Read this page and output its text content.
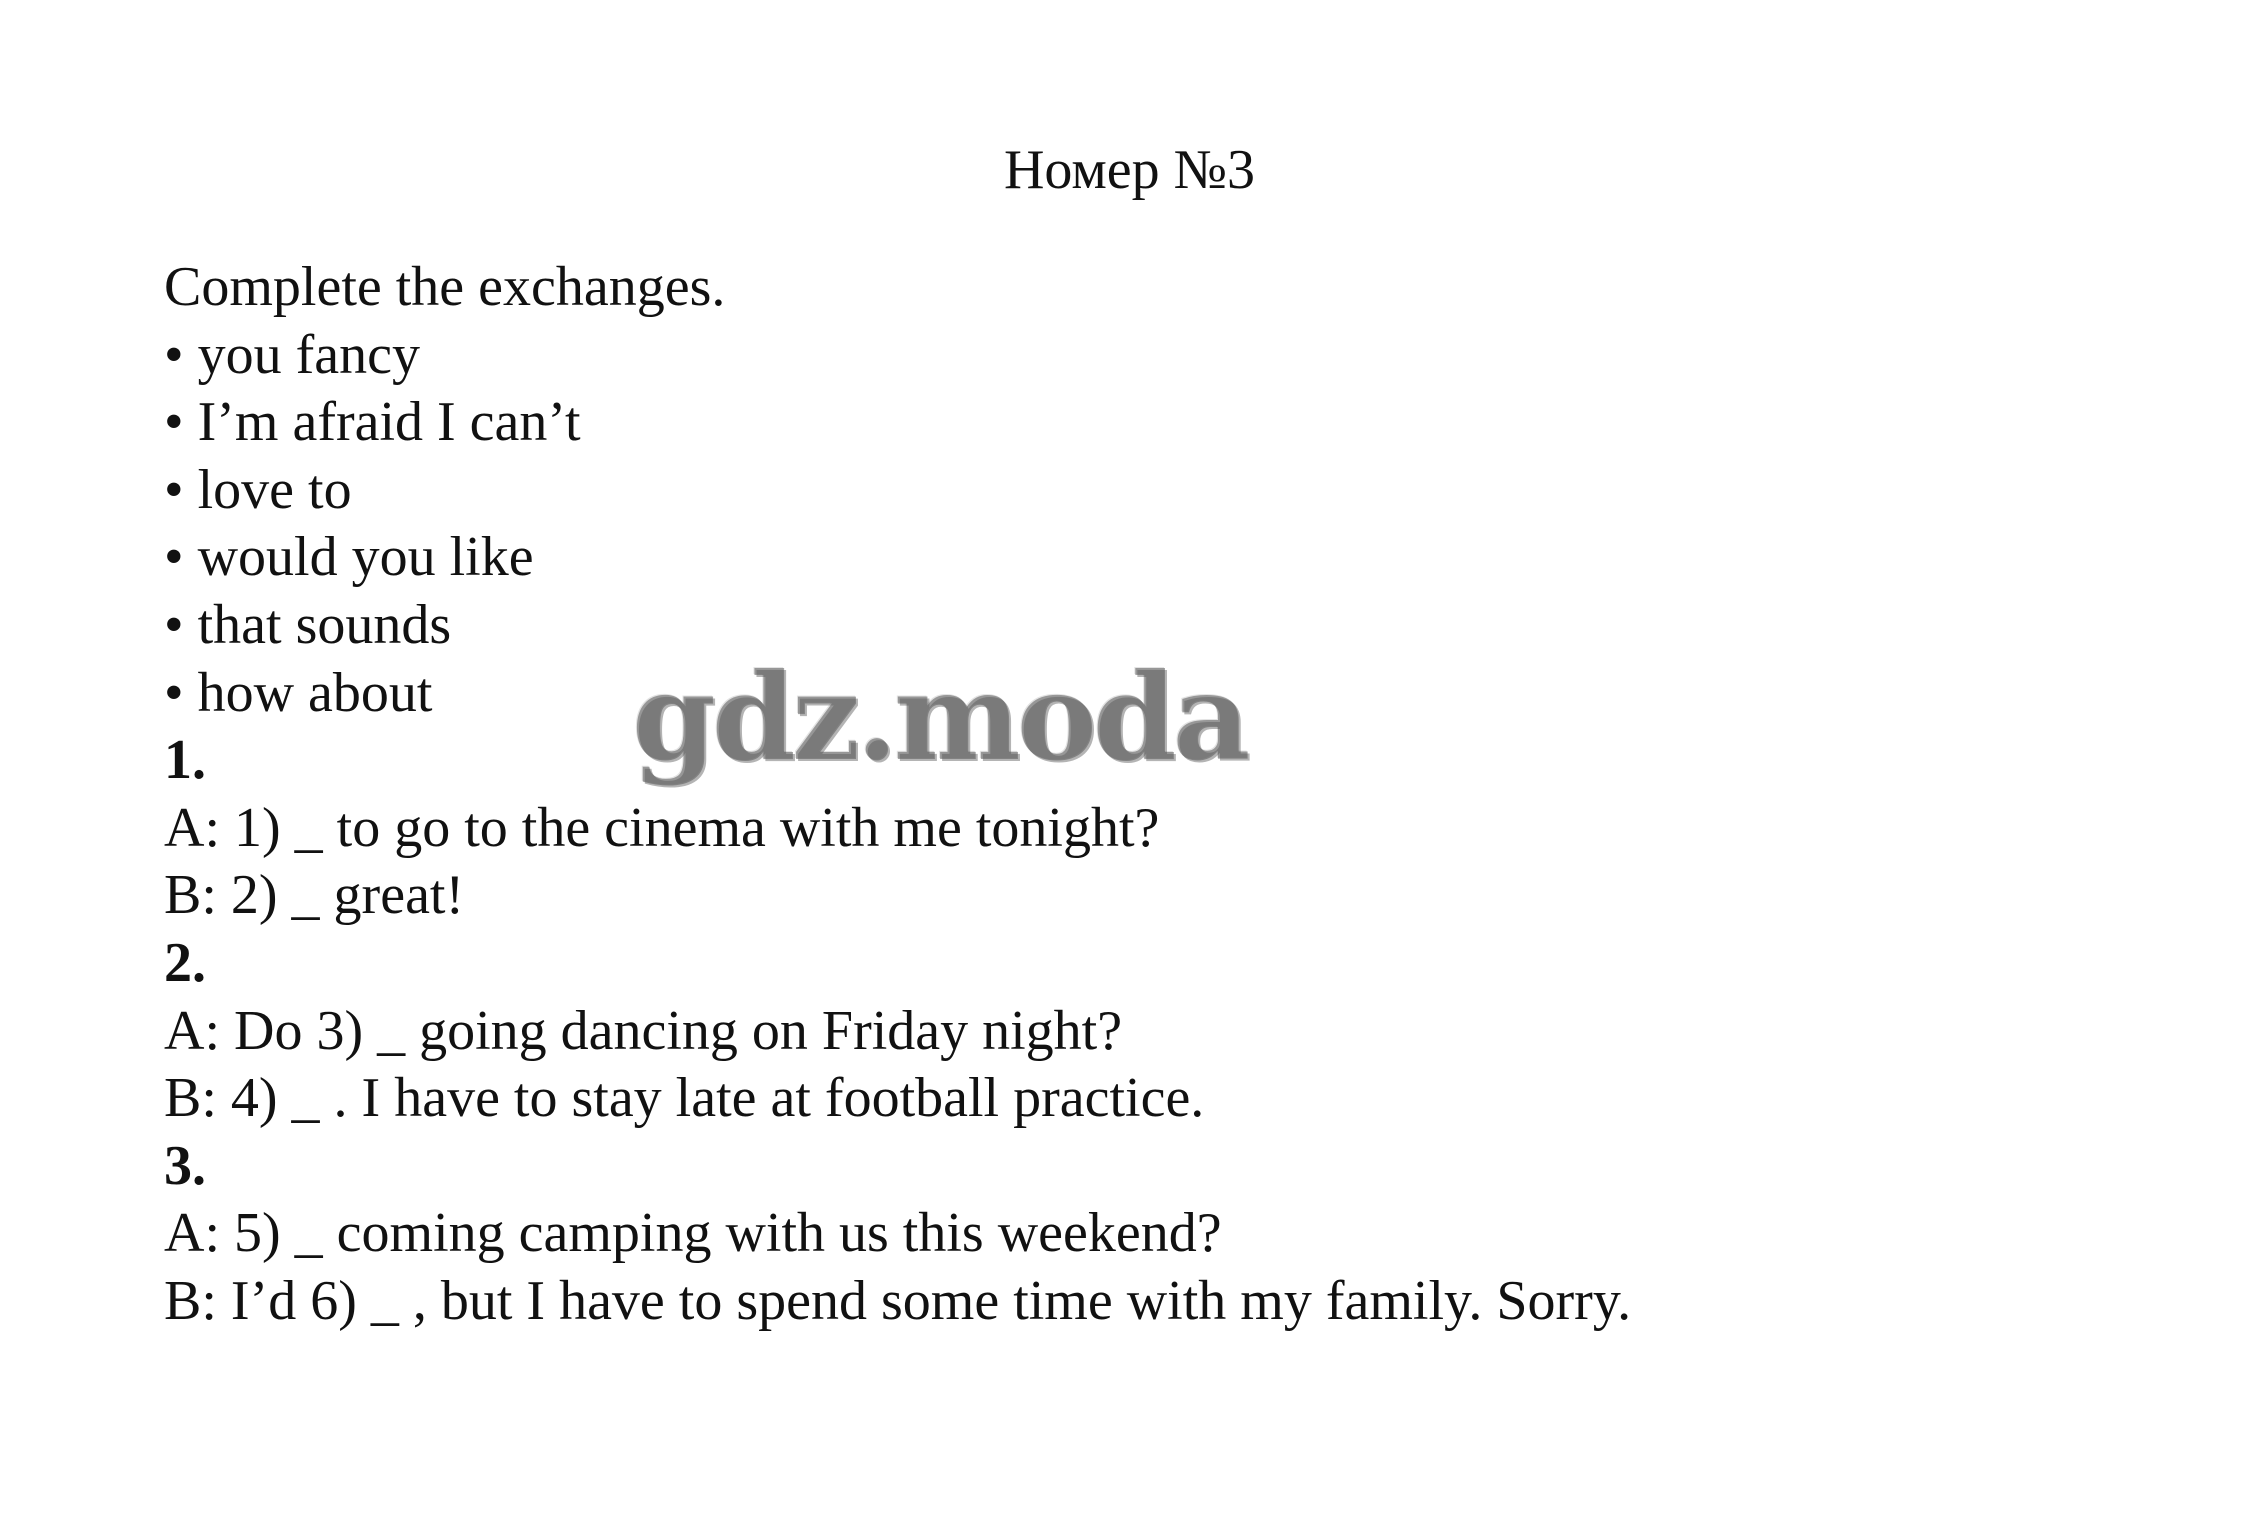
Номер №3
Complete the exchanges.
• you fancy
• I’m afraid I can’t
• love to
• would you like
• that sounds
• how about
1.
A: 1) _ to go to the cinema with me tonight?
B: 2) _ great!
2.
A: Do 3) _ going dancing on Friday night?
B: 4) _ . I have to stay late at football practice.
3.
A: 5) _ coming camping with us this weekend?
B: I’d 6) _ , but I have to spend some time with my family. Sorry.
gdz.moda
